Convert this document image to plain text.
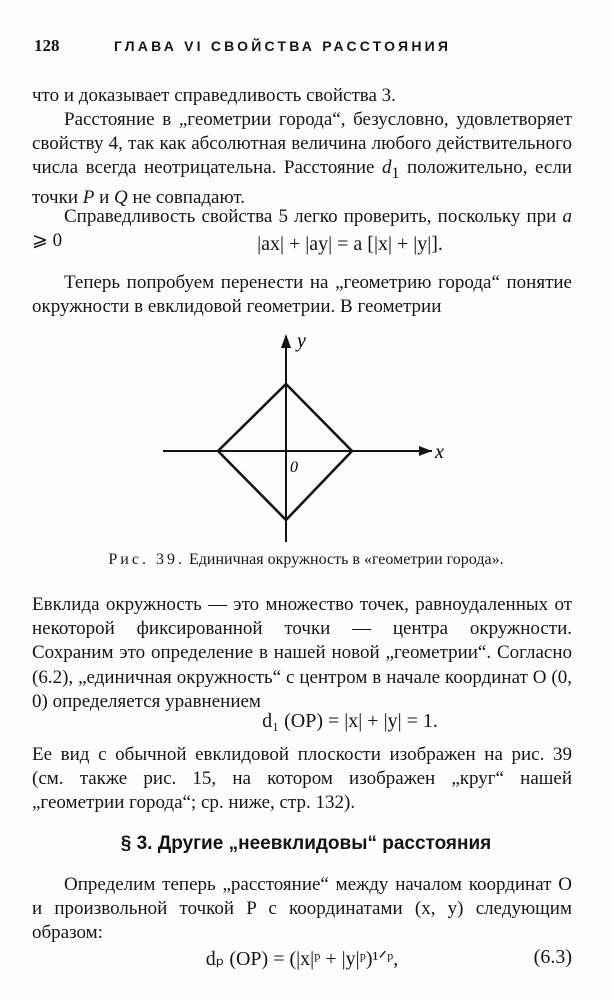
128	ГЛАВА VI СВОЙСТВА РАССТОЯНИЯ

что и доказывает справедливость свойства 3.

Расстояние в „геометрии города“, безусловно, удовлетворяет свойству 4, так как абсолютная величина любого действительного числа всегда неотрицательна. Расстояние $d_1$ положительно, если точки P и Q не совпадают.

Справедливость свойства 5 легко проверить, поскольку при a ⩾ 0	|ax| + |ay| = a [|x| + |y|].

Теперь попробуем перенести на „геометрию города“ понятие окружности в евклидовой геометрии. В геометрии

y
x
0
Рис. 39. Единичная окружность в «геометрии города».

Евклида окружность — это множество точек, равноудаленных от некоторой фиксированной точки — центра окружности. Сохраним это определение в нашей новой „геометрии“. Согласно (6.2), „единичная окружность“ с центром в начале координат O (0, 0) определяется уравнением

d₁ (OP) = |x| + |y| = 1.

Ее вид с обычной евклидовой плоскости изображен на рис. 39 (см. также рис. 15, на котором изображен „круг“ нашей „геометрии города“; ср. ниже, стр. 132).

§ 3. Другие „неевклидовы“ расстояния

Определим теперь „расстояние“ между началом координат O и произвольной точкой P с координатами (x, y) следующим образом:

dₚ (OP) = (|x|ᵖ + |y|ᵖ)¹ᐟᵖ,	(6.3)
